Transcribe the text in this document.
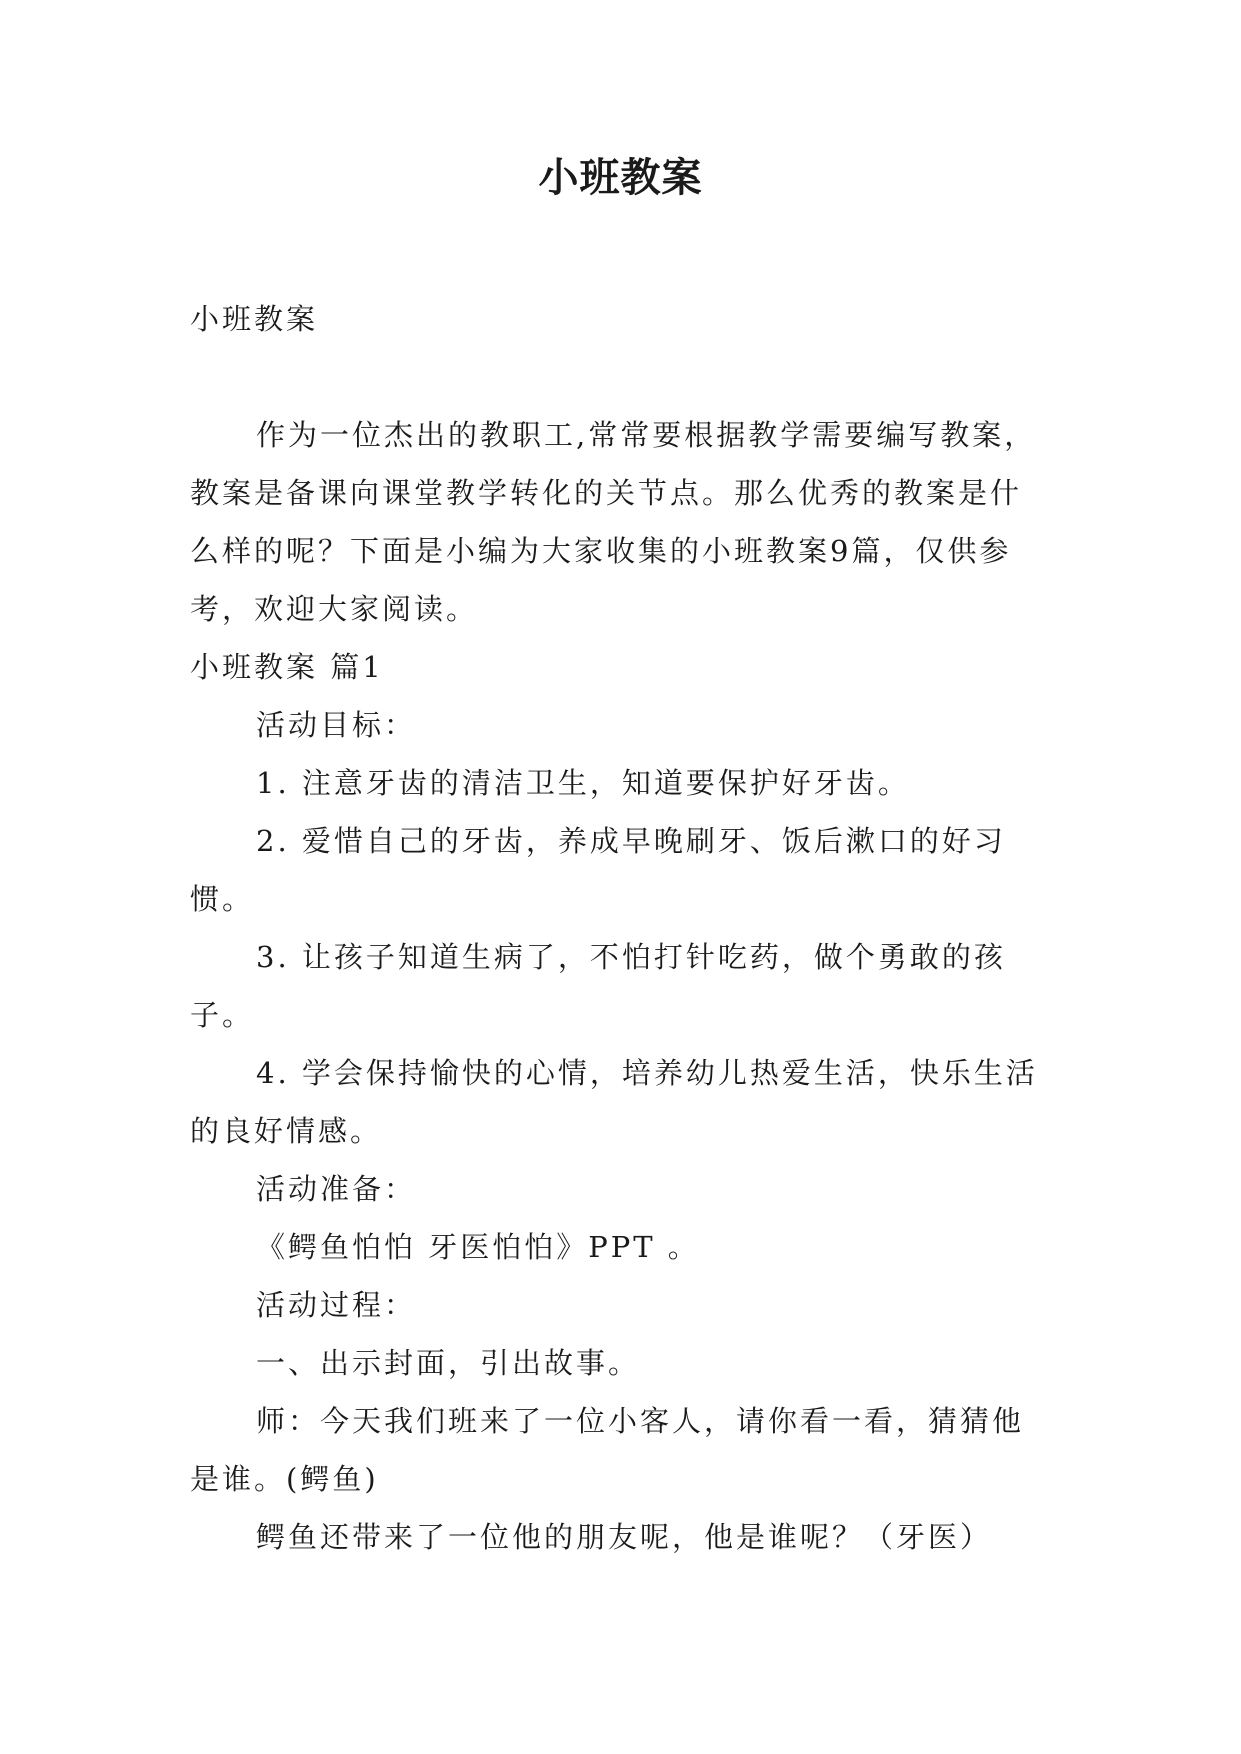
小班教案

小班教案

作为一位杰出的教职工,常常要根据教学需要编写教案，教案是备课向课堂教学转化的关节点。那么优秀的教案是什么样的呢？下面是小编为大家收集的小班教案9篇，仅供参考，欢迎大家阅读。

小班教案 篇1

活动目标：

1. 注意牙齿的清洁卫生，知道要保护好牙齿。

2. 爱惜自己的牙齿，养成早晚刷牙、饭后漱口的好习惯。

3. 让孩子知道生病了，不怕打针吃药，做个勇敢的孩子。

4. 学会保持愉快的心情，培养幼儿热爱生活，快乐生活的良好情感。

活动准备：

《鳄鱼怕怕 牙医怕怕》PPT 。

活动过程：

一、出示封面，引出故事。

师：今天我们班来了一位小客人，请你看一看，猜猜他是谁。(鳄鱼)

鳄鱼还带来了一位他的朋友呢，他是谁呢？（牙医）
